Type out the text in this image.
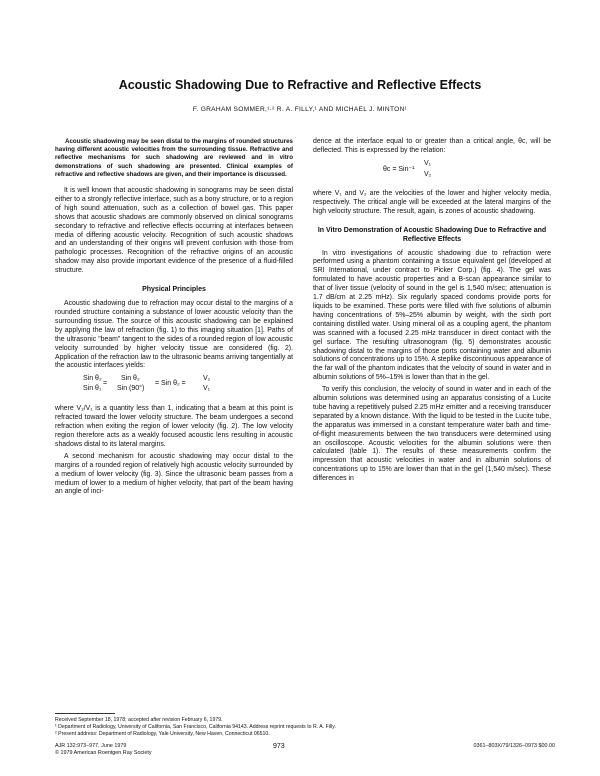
Acoustic Shadowing Due to Refractive and Reflective Effects
F. GRAHAM SOMMER,¹·² R. A. FILLY,¹ AND MICHAEL J. MINTON¹

Acoustic shadowing may be seen distal to the margins of rounded structures having different acoustic velocities from the surrounding tissue. Refractive and reflective mechanisms for such shadowing are reviewed and in vitro demonstrations of such shadowing are presented. Clinical examples of refractive and reflective shadows are given, and their importance is discussed.

It is well known that acoustic shadowing in sonograms may be seen distal either to a strongly reflective interface, such as a bony structure, or to a region of high sound attenuation, such as a collection of bowel gas. This paper shows that acoustic shadows are commonly observed on clinical sonograms secondary to refractive and reflective effects occurring at interfaces between media of differing acoustic velocity. Recognition of such acoustic shadows and an understanding of their origins will prevent confusion with those from pathologic processes. Recognition of the refractive origins of an acoustic shadow may also provide important evidence of the presence of a fluid-filled structure.

Physical Principles

Acoustic shadowing due to refraction may occur distal to the margins of a rounded structure containing a substance of lower acoustic velocity than the surrounding tissue. The source of this acoustic shadowing can be explained by applying the law of refraction (fig. 1) to this imaging situation [1]. Paths of the ultrasonic "beam" tangent to the sides of a rounded region of low acoustic velocity surrounded by higher velocity tissue are considered (fig. 2). Application of the refraction law to the ultrasonic beams arriving tangentially at the acoustic interfaces yields:

Sin θ₂
=
Sin θ₁
Sin θ₂
Sin (90°)
= Sin θ₂ =
V₂
V₁

where V₂/V₁ is a quantity less than 1, indicating that a beam at this point is refracted toward the lower velocity structure. The beam undergoes a second refraction when exiting the region of lower velocity (fig. 2). The low velocity region therefore acts as a weakly focused acoustic lens resulting in acoustic shadows distal to its lateral margins.

A second mechanism for acoustic shadowing may occur distal to the margins of a rounded region of relatively high acoustic velocity surrounded by a medium of lower velocity (fig. 3). Since the ultrasonic beam passes from a medium of lower to a medium of higher velocity, that part of the beam having an angle of inci-

dence at the interface equal to or greater than a critical angle, θc, will be deflected. This is expressed by the relation:

θc = Sin⁻¹
V₁
V₂

where V₁ and V₂ are the velocities of the lower and higher velocity media, respectively. The critical angle will be exceeded at the lateral margins of the high velocity structure. The result, again, is zones of acoustic shadowing.

In Vitro Demonstration of Acoustic Shadowing Due to Refractive and Reflective Effects

In vitro investigations of acoustic shadowing due to refraction were performed using a phantom containing a tissue equivalent gel (developed at SRI International, under contract to Picker Corp.) (fig. 4). The gel was formulated to have acoustic properties and a B-scan appearance similar to that of liver tissue (velocity of sound in the gel is 1,540 m/sec; attenuation is 1.7 dB/cm at 2.25 mHz). Six regularly spaced condoms provide ports for liquids to be examined. These ports were filled with five solutions of albumin having concentrations of 5%–25% albumin by weight, with the sixth port containing distilled water. Using mineral oil as a coupling agent, the phantom was scanned with a focused 2.25 mHz transducer in direct contact with the gel surface. The resulting ultrasonogram (fig. 5) demonstrates acoustic shadowing distal to the margins of those ports containing water and albumin solutions of concentrations up to 15%. A steplike discontinuous appearance of the far wall of the phantom indicates that the velocity of sound in water and in albumin solutions of 5%–15% is lower than that in the gel.

To verify this conclusion, the velocity of sound in water and in each of the albumin solutions was determined using an apparatus consisting of a Lucite tube having a repetitively pulsed 2.25 mHz emitter and a receiving transducer separated by a known distance. With the liquid to be tested in the Lucite tube, the apparatus was immersed in a constant temperature water bath and time-of-flight measurements between the two transducers were determined using an oscilloscope. Acoustic velocities for the albumin solutions were then calculated (table 1). The results of these measurements confirm the impression that acoustic velocities in water and in albumin solutions of concentrations up to 15% are lower than that in the gel (1,540 m/sec). These differences in

Received September 18, 1978; accepted after revision February 6, 1979.
¹ Department of Radiology, University of California, San Francisco, California 94143. Address reprint requests to R. A. Filly.
² Present address: Department of Radiology, Yale University, New Haven, Connecticut 06510.
AJR 132:973–977, June 1979
© 1979 American Roentgen Ray Society
973	0361–803X/79/1326–0973 $00.00
